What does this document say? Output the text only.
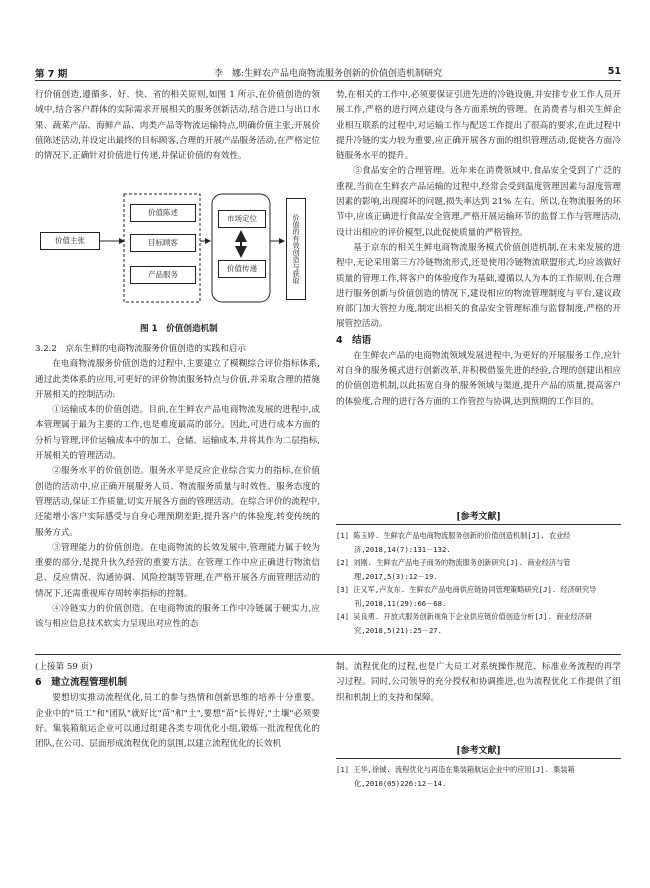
第 7 期	李　娜:生鲜农产品电商物流服务创新的价值创造机制研究	51

行价值创造,遵循多、好、快、省的相关原则,如图 1 所示,在价值创造的领域中,结合客户群体的实际需求开展相关的服务创新活动,结合进口与出口水果、蔬菜产品、海鲜产品、肉类产品等物流运输特点,明确价值主张,开展价值陈述活动,并设定出最终的目标顾客,合理的开展产品服务活动,在严格定位的情况下,正确针对价值进行传递,并保证价值的有效性。

价值主张
价值陈述
目标顾客
产品服务
市场定位
价值传递	价值的有效创造与获取
图 1　价值创造机制
3.2.2　京东生鲜的电商物流服务价值创造的实践和启示

在电商物流服务价值创造的过程中,主要建立了模糊综合评价指标体系,通过此类体系的应用,可更好的评价物流服务特点与价值,并采取合理的措施开展相关的控制活动:

①运输成本的价值创造。目前,在生鲜农产品电商物流发展的进程中,成本管理属于最为主要的工作,也是难度最高的部分。因此,可进行成本方面的分析与管理,评价运输成本中的加工、仓储、运输成本,并将其作为二层指标,开展相关的管理活动。

②服务水平的价值创造。服务水平是反应企业综合实力的指标,在价值创造的活动中,应正确开展服务人员、物流服务质量与时效性、服务态度的管理活动,保证工作质量,切实开展各方面的管理活动。在综合评价的流程中,还能增小客户实际感受与自身心理预期差距,提升客户的体验度,转变传统的服务方式。

③管理能力的价值创造。在电商物流的长效发展中,管理能力属于较为重要的部分,是提升伙久经营的重要方法。在管理工作中应正确进行物流信息、反应情况、沟通协调、风险控制等管理,在严格开展各方面管理活动的情况下,还需重视库存周转率指标的控制。

④冷链实力的价值创造。在电商物流的服务工作中冷链属于硬实力,应该与相应信息技术软实力呈现出对应性的态

势,在相关的工作中,必须要保证引进先进的冷链设施,并安排专业工作人员开展工作,严格的进行网点建设与各方面系统的管理。在消费者与相关生鲜企业相互联系的过程中,对运输工作与配送工作提出了很高的要求,在此过程中提升冷链的实力较为重要,应正确开展各方面的组织管理活动,促使各方面冷链服务水平的提升。

⑤食品安全的合理管理。近年来在消费领域中,食品安全受到了广泛的重视,当前在生鲜农产品运输的过程中,经常会受到温度管理因素与湿度管理因素的影响,出现腐坏的问题,损失率达到 21% 左右。所以,在物流服务的环节中,应该正确进行食品安全管理,严格开展运输环节的监督工作与管理活动,设计出相应的评价模型,以此促使质量的严格管控。

基于京东的相关生鲜电商物流服务模式价值创造机制,在未来发展的进程中,无论采用第三方冷链物流形式,还是使用冷链物流联盟形式,均应该做好质量的管理工作,将客户的体验度作为基础,遵循以人为本的工作原则,在合理进行服务创新与价值创造的情况下,建设相应的物流管理制度与平台,建议政府部门加大管控力度,制定出相关的食品安全管理标准与监督制度,严格的开展管控活动。

4　结语

在生鲜农产品的电商物流领域发展进程中,为更好的开展服务工作,应针对自身的服务模式进行创新改革,并积极借鉴先进的经验,合理的创建出相应的价值创造机制,以此拓宽自身的服务领域与渠道,提升产品的质量,提高客户的体验度,合理的进行各方面的工作管控与协调,达到预期的工作目的。

[参考文献]
[1] 陈玉婷. 生鲜农产品电商物流服务创新的价值创造机制[J]. 农业经济,2018,14(7):131－132.
[2] 刘刚. 生鲜农产品电子商务的物流服务创新研究[J]. 商业经济与管理,2017,5(3):12－19.
[3] 汪又军,卢友东. 生鲜农产品电商供应链协同管理策略研究[J]. 经济研究导刊,2018,11(29):66－68.
[4] 吴良勇. 开放式服务创新视角下企业供应链价值创造分析[J]. 商业经济研究,2018,5(21):25－27.

(上接第 59 页)

6　建立流程管理机制

要想切实推动流程优化,员工的参与热情和创新思维的培养十分重要。企业中的"员工"和"团队"就好比"苗"和"土",要想"苗"长得好,"土壤"必须要好。集装箱航运企业可以通过组建各类专项优化小组,锻炼一批流程优化的团队,在公司、层面形成流程优化的氛围,以建立流程优化的长效机

制。流程优化的过程,也是广大员工对系统操作规范、标准业务流程的再学习过程。同时,公司领导的充分授权和协调推进,也为流程优化工作提供了组织和机制上的支持和保障。

[参考文献]
[1] 王华,徐铖. 流程优化与再造在集装箱航运企业中的应用[J]. 集装箱化,2010(05)226:12－14.
